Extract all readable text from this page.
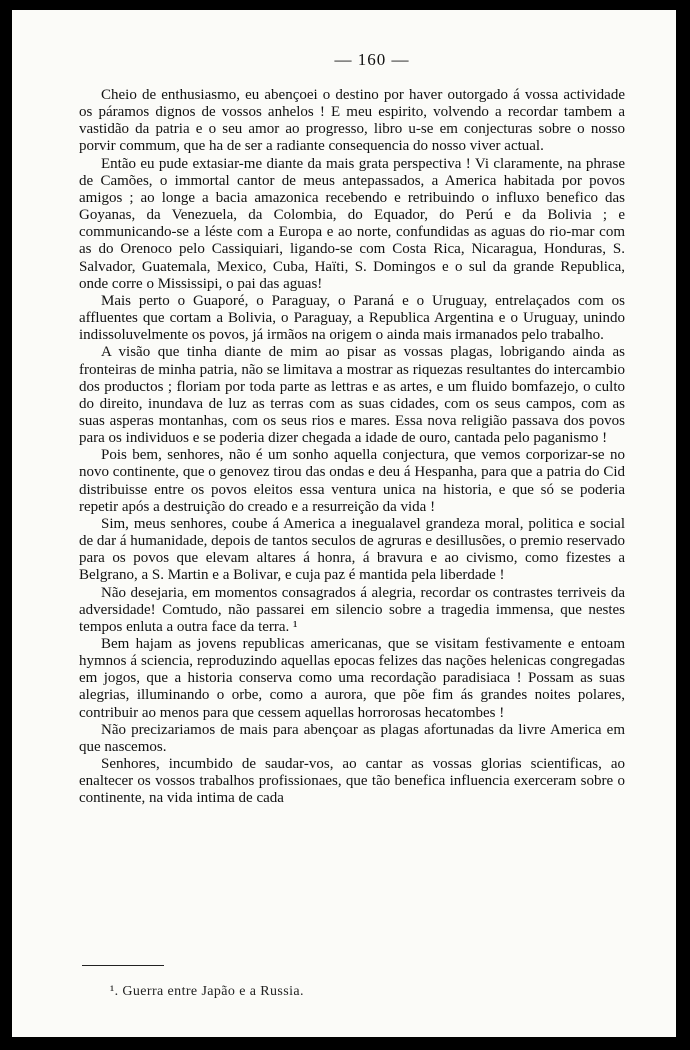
— 160 —

Cheio de enthusiasmo, eu abençoei o destino por haver outorgado á vossa actividade os páramos dignos de vossos anhelos ! E meu espirito, volvendo a recordar tambem a vastidão da patria e o seu amor ao progresso, libro u-se em conjecturas sobre o nosso porvir commum, que ha de ser a radiante consequencia do nosso viver actual.

Então eu pude extasiar-me diante da mais grata perspectiva ! Vi claramente, na phrase de Camões, o immortal cantor de meus antepassados, a America habitada por povos amigos ; ao longe a bacia amazonica recebendo e retribuindo o influxo benefico das Goyanas, da Venezuela, da Colombia, do Equador, do Perú e da Bolivia ; e communicando-se a léste com a Europa e ao norte, confundidas as aguas do rio-mar com as do Orenoco pelo Cassiquiari, ligando-se com Costa Rica, Nicaragua, Honduras, S. Salvador, Guatemala, Mexico, Cuba, Haïti, S. Domingos e o sul da grande Republica, onde corre o Mississipi, o pai das aguas!

Mais perto o Guaporé, o Paraguay, o Paraná e o Uruguay, entrelaçados com os affluentes que cortam a Bolivia, o Paraguay, a Republica Argentina e o Uruguay, unindo indissoluvelmente os povos, já irmãos na origem o ainda mais irmanados pelo trabalho.

A visão que tinha diante de mim ao pisar as vossas plagas, lobrigando ainda as fronteiras de minha patria, não se limitava a mostrar as riquezas resultantes do intercambio dos productos ; floriam por toda parte as lettras e as artes, e um fluido bomfazejo, o culto do direito, inundava de luz as terras com as suas cidades, com os seus campos, com as suas asperas montanhas, com os seus rios e mares. Essa nova religião passava dos povos para os individuos e se poderia dizer chegada a idade de ouro, cantada pelo paganismo !

Pois bem, senhores, não é um sonho aquella conjectura, que vemos corporizar-se no novo continente, que o genovez tirou das ondas e deu á Hespanha, para que a patria do Cid distribuisse entre os povos eleitos essa ventura unica na historia, e que só se poderia repetir após a destruição do creado e a resurreição da vida !

Sim, meus senhores, coube á America a inegualavel grandeza moral, politica e social de dar á humanidade, depois de tantos seculos de agruras e desillusões, o premio reservado para os povos que elevam altares á honra, á bravura e ao civismo, como fizestes a Belgrano, a S. Martin e a Bolivar, e cuja paz é mantida pela liberdade !

Não desejaria, em momentos consagrados á alegria, recordar os contrastes terriveis da adversidade! Comtudo, não passarei em silencio sobre a tragedia immensa, que nestes tempos enluta a outra face da terra. ¹

Bem hajam as jovens republicas americanas, que se visitam festivamente e entoam hymnos á sciencia, reproduzindo aquellas epocas felizes das nações helenicas congregadas em jogos, que a historia conserva como uma recordação paradisiaca ! Possam as suas alegrias, illuminando o orbe, como a aurora, que põe fim ás grandes noites polares, contribuir ao menos para que cessem aquellas horrorosas hecatombes !

Não precizariamos de mais para abençoar as plagas afortunadas da livre America em que nascemos.

Senhores, incumbido de saudar-vos, ao cantar as vossas glorias scientificas, ao enaltecer os vossos trabalhos profissionaes, que tão benefica influencia exerceram sobre o continente, na vida intima de cada

¹. Guerra entre Japão e a Russia.
